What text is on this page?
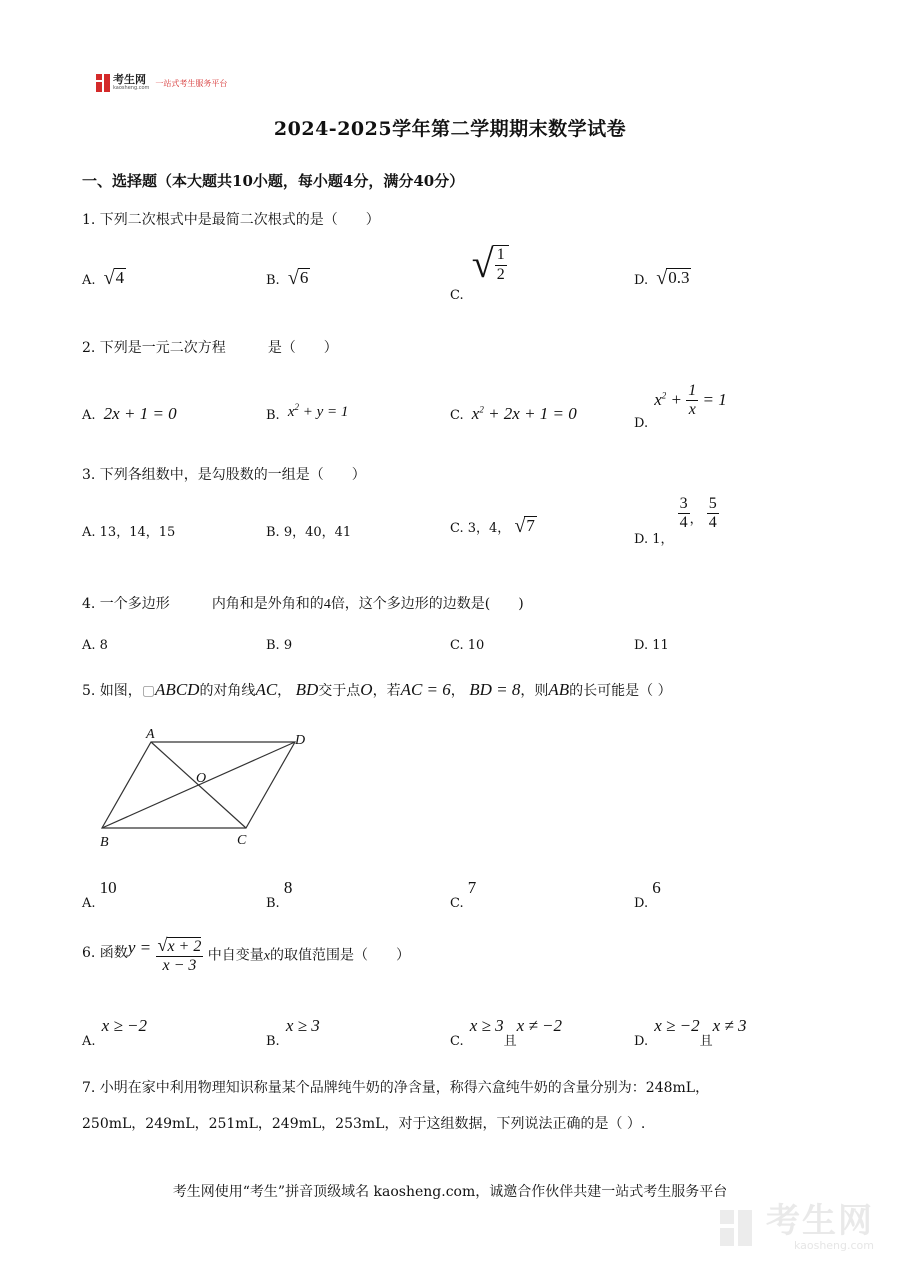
考生网
kaosheng.com
一站式考生服务平台
2024-2025学年第二学期期末数学试卷
一、选择题（本大题共10小题，每小题4分，满分40分）
1. 下列二次根式中是最简二次根式的是（　　）
A. √ 4	B. √ 6
C.
√ $\frac{1}{2}$	D. √ 0.3
2. 下列是一元二次方程	是（　　）
A. 2x + 1 = 0	B. $x^2 + y = 1$	C. $x^2 + 2x + 1 = 0$
D. $x^2 + \frac{1}{x} = 1$
3. 下列各组数中，是勾股数的一组是（　　）
A. 13，14，15	B. 9，40，41	C. 3，4， √ 7
D. 1，
$\frac{3}{4}$ ， $\frac{5}{4}$
4. 一个多边形	内角和是外角和的4倍，这个多边形的边数是(　　)
A. 8	B. 9	C. 10	D. 11
5. 如图，▢ABCD的对角线AC， BD交于点O，若AC = 6， BD = 8，则AB的长可能是（ ）
A	D
O
B	C
A. 10
B. 8
C. 7
D. 6
6. 函数$y = \frac{√x + 2}{x - 3}$ 中自变量x的取值范围是（　　）
A. x ≥ −2
B. x ≥ 3
C. x ≥ 3且x ≠ −2
D. x ≥ −2且x ≠ 3
7. 小明在家中利用物理知识称量某个品牌纯牛奶的净含量，称得六盒纯牛奶的含量分别为：248mL，
250mL，249mL，251mL，249mL，253mL，对于这组数据，下列说法正确的是（ ）.
考生网使用“考生”拼音顶级域名 kaosheng.com，诚邀合作伙伴共建一站式考生服务平台
考生网
kaosheng.com
